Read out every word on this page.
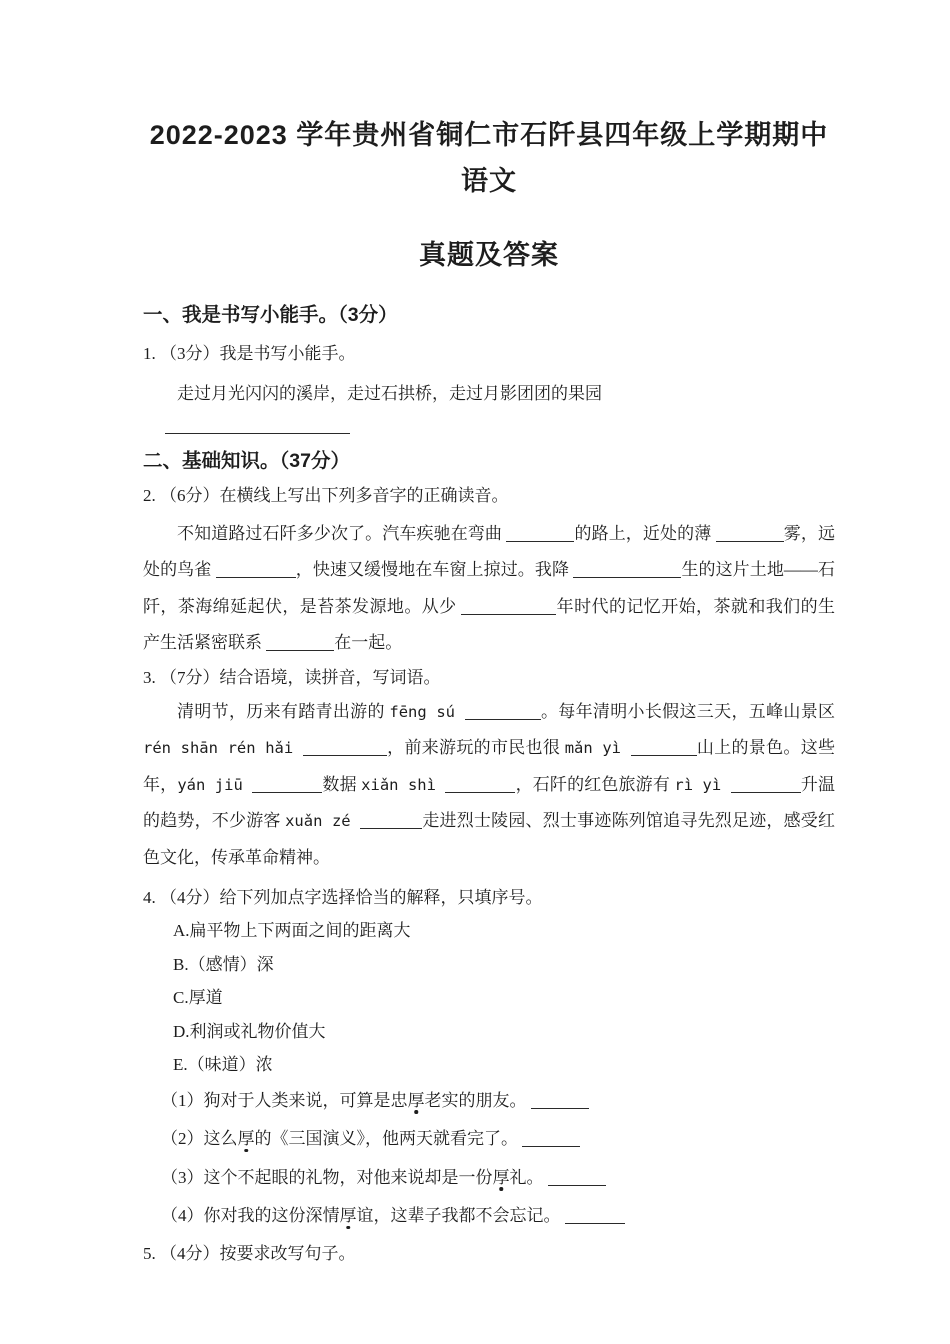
2022-2023 学年贵州省铜仁市石阡县四年级上学期期中语文
真题及答案
一、我是书写小能手。（3分）
1. （3分）我是书写小能手。
走过月光闪闪的溪岸，走过石拱桥，走过月影团团的果园
二、基础知识。（37分）
2. （6分）在横线上写出下列多音字的正确读音。
不知道路过石阡多少次了。汽车疾驰在弯曲	的路上，近处的薄	雾，远处的鸟雀	，快速又缓慢地在车窗上掠过。我降	生的这片土地——石阡，茶海绵延起伏，是苔茶发源地。从少	年时代的记忆开始，茶就和我们的生产生活紧密联系	在一起。
3. （7分）结合语境，读拼音，写词语。
清明节，历来有踏青出游的 fēng sú	。每年清明小长假这三天，五峰山景区 rén shān rén hǎi	，前来游玩的市民也很 mǎn yì	山上的景色。这些年，yán jiū	数据 xiǎn shì	，石阡的红色旅游有 rì yì	升温的趋势，不少游客 xuǎn zé	走进烈士陵园、烈士事迹陈列馆追寻先烈足迹，感受红色文化，传承革命精神。
4. （4分）给下列加点字选择恰当的解释，只填序号。
A.扁平物上下两面之间的距离大
B.（感情）深
C.厚道
D.利润或礼物价值大
E.（味道）浓
（1）狗对于人类来说，可算是忠厚老实的朋友。
（2）这么厚的《三国演义》，他两天就看完了。
（3）这个不起眼的礼物，对他来说却是一份厚礼。
（4）你对我的这份深情厚谊，这辈子我都不会忘记。
5. （4分）按要求改写句子。
